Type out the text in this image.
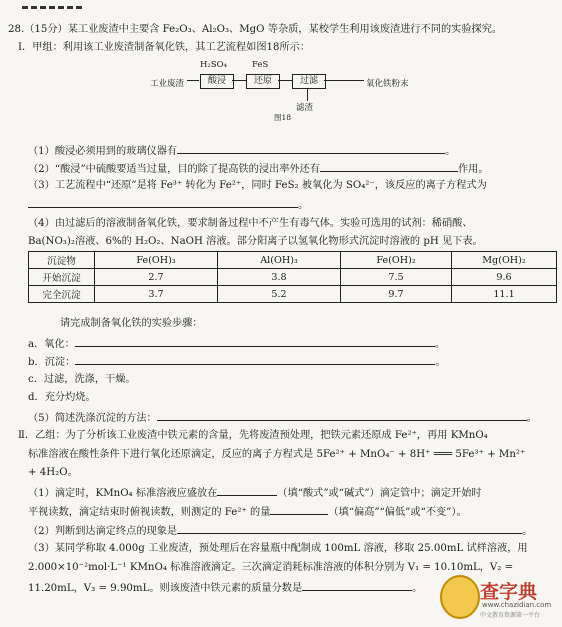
28.（15分）某工业废渣中主要含 Fe₂O₃、Al₂O₃、MgO 等杂质，某校学生利用该废渣进行不同的实验探究。
Ⅰ．甲组：利用该工业废渣制备氧化铁，其工艺流程如图18所示：
工业废渣
H₂SO₄
酸浸
FeS
还原	过滤	氧化铁粉末
滤渣
图18
（1）酸浸必须用到的玻璃仪器有	。
（2）“酸浸”中硫酸要适当过量，目的除了提高铁的浸出率外还有	作用。
（3）工艺流程中“还原”是将 Fe³⁺ 转化为 Fe²⁺，同时 FeS₂ 被氧化为 SO₄²⁻，该反应的离子方程式为
。
（4）由过滤后的溶液制备氧化铁，要求制备过程中不产生有毒气体。实验可选用的试剂：稀硝酸、
Ba(NO₃)₂溶液、6%的 H₂O₂、NaOH 溶液。部分阳离子以氢氧化物形式沉淀时溶液的 pH 见下表。
沉淀物	Fe(OH)₃	Al(OH)₃	Fe(OH)₂	Mg(OH)₂
开始沉淀	2.7	3.8	7.5	9.6
完全沉淀	3.7	5.2	9.7	11.1
请完成制备氧化铁的实验步骤：
a．氧化：	。
b．沉淀：	。
c．过滤，洗涤，干燥。
d．充分灼烧。
（5）简述洗涤沉淀的方法：	。
Ⅱ．乙组：为了分析该工业废渣中铁元素的含量，先将废渣预处理，把铁元素还原成 Fe²⁺，再用 KMnO₄
标准溶液在酸性条件下进行氧化还原滴定，反应的离子方程式是 5Fe²⁺ + MnO₄⁻ + 8H⁺ ═══ 5Fe³⁺ + Mn²⁺
+ 4H₂O。
（1）滴定时，KMnO₄ 标准溶液应盛放在	（填“酸式”或“碱式”）滴定管中；滴定开始时
平视读数，滴定结束时俯视读数，则测定的 Fe²⁺ 的量	（填“偏高”“偏低”或“不变”）。
（2）判断到达滴定终点的现象是	。
（3）某同学称取 4.000g 工业废渣，预处理后在容量瓶中配制成 100mL 溶液，移取 25.00mL 试样溶液，用
2.000×10⁻²mol·L⁻¹ KMnO₄ 标准溶液滴定。三次滴定消耗标准溶液的体积分别为 V₁ = 10.10mL，V₂ =
11.20mL，V₃ = 9.90mL。则该废渣中铁元素的质量分数是	。	查字典
www.chazidian.com
中文教育资源第一平台
